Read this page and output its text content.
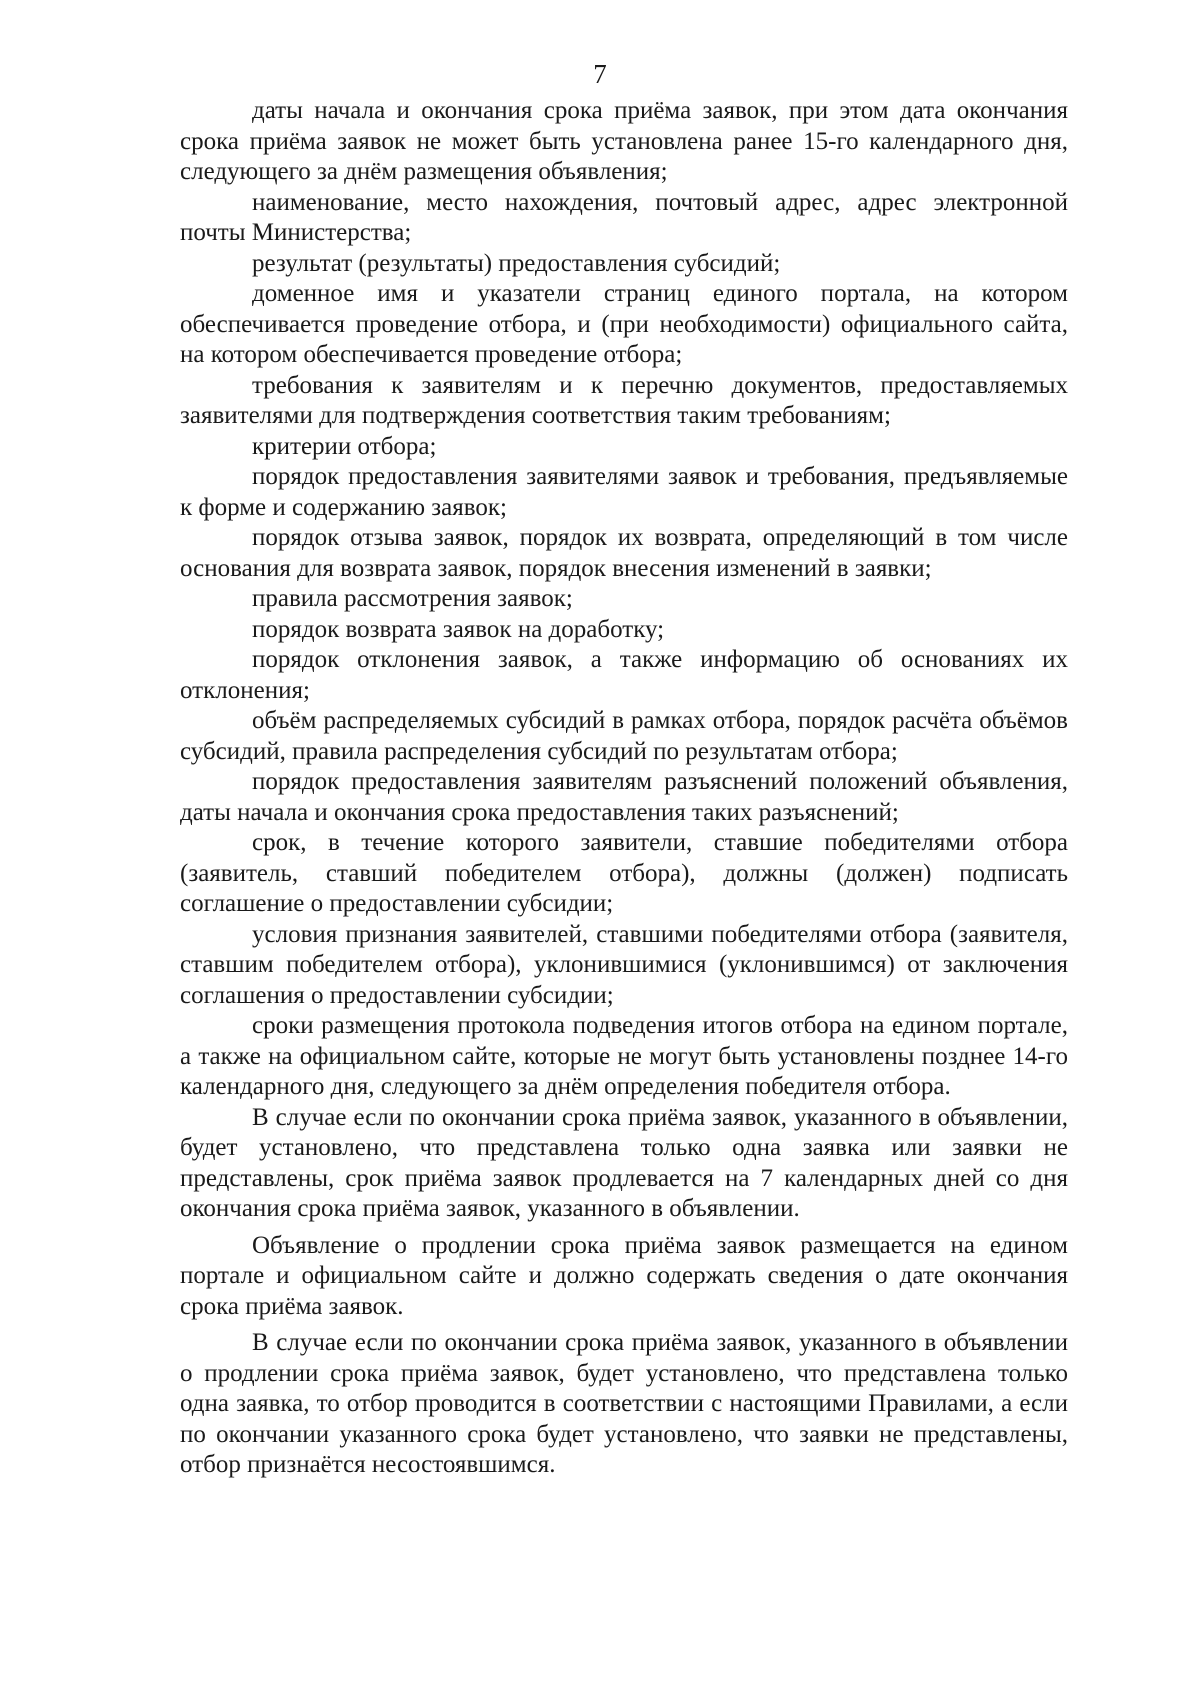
7

даты начала и окончания срока приёма заявок, при этом дата окончания срока приёма заявок не может быть установлена ранее 15-го календарного дня, следующего за днём размещения объявления;

наименование, место нахождения, почтовый адрес, адрес электронной почты Министерства;

результат (результаты) предоставления субсидий;

доменное имя и указатели страниц единого портала, на котором обеспечивается проведение отбора, и (при необходимости) официального сайта, на котором обеспечивается проведение отбора;

требования к заявителям и к перечню документов, предоставляемых заявителями для подтверждения соответствия таким требованиям;

критерии отбора;

порядок предоставления заявителями заявок и требования, предъявляемые к форме и содержанию заявок;

порядок отзыва заявок, порядок их возврата, определяющий в том числе основания для возврата заявок, порядок внесения изменений в заявки;

правила рассмотрения заявок;

порядок возврата заявок на доработку;

порядок отклонения заявок, а также информацию об основаниях их отклонения;

объём распределяемых субсидий в рамках отбора, порядок расчёта объёмов субсидий, правила распределения субсидий по результатам отбора;

порядок предоставления заявителям разъяснений положений объявления, даты начала и окончания срока предоставления таких разъяснений;

срок, в течение которого заявители, ставшие победителями отбора (заявитель, ставший победителем отбора), должны (должен) подписать соглашение о предоставлении субсидии;

условия признания заявителей, ставшими победителями отбора (заявителя, ставшим победителем отбора), уклонившимися (уклонившимся) от заключения соглашения о предоставлении субсидии;

сроки размещения протокола подведения итогов отбора на едином портале, а также на официальном сайте, которые не могут быть установлены позднее 14-го календарного дня, следующего за днём определения победителя отбора.

В случае если по окончании срока приёма заявок, указанного в объявлении, будет установлено, что представлена только одна заявка или заявки не представлены, срок приёма заявок продлевается на 7 календарных дней со дня окончания срока приёма заявок, указанного в объявлении.

Объявление о продлении срока приёма заявок размещается на едином портале и официальном сайте и должно содержать сведения о дате окончания срока приёма заявок.

В случае если по окончании срока приёма заявок, указанного в объявлении о продлении срока приёма заявок, будет установлено, что представлена только одна заявка, то отбор проводится в соответствии с настоящими Правилами, а если по окончании указанного срока будет установлено, что заявки не представлены, отбор признаётся несостоявшимся.
